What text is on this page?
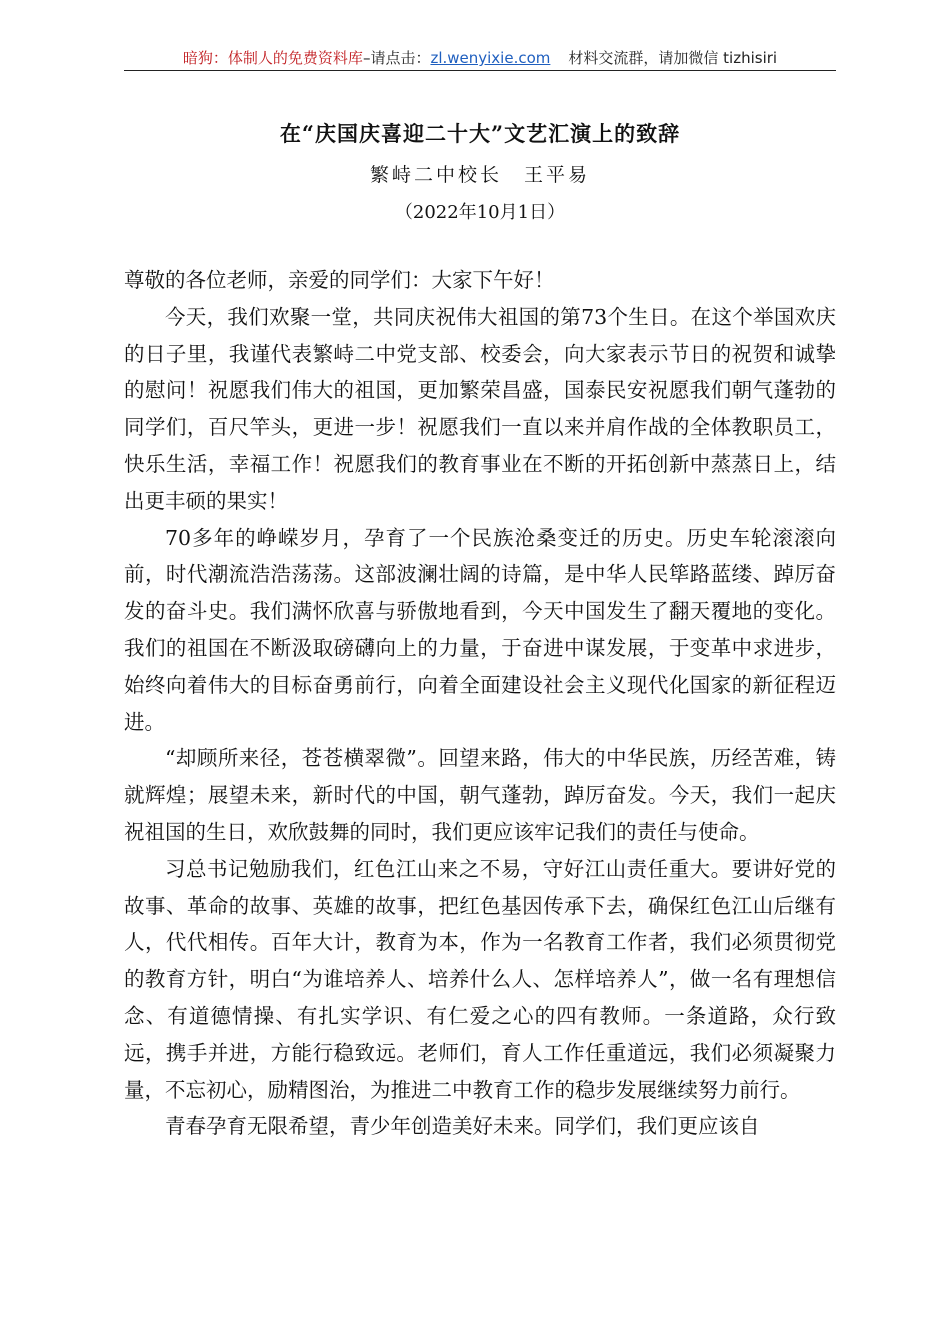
暗狗：体制人的免费资料库–请点击：zl.wenyixie.com 材料交流群，请加微信 tizhisiri
在“庆国庆喜迎二十大”文艺汇演上的致辞
繁峙二中校长　王平易
（2022年10月1日）

尊敬的各位老师，亲爱的同学们：大家下午好！

今天，我们欢聚一堂，共同庆祝伟大祖国的第73个生日。在这个举国欢庆的日子里，我谨代表繁峙二中党支部、校委会，向大家表示节日的祝贺和诚挚的慰问！祝愿我们伟大的祖国，更加繁荣昌盛，国泰民安祝愿我们朝气蓬勃的同学们，百尺竿头，更进一步！祝愿我们一直以来并肩作战的全体教职员工，快乐生活，幸福工作！祝愿我们的教育事业在不断的开拓创新中蒸蒸日上，结出更丰硕的果实！

70多年的峥嵘岁月，孕育了一个民族沧桑变迁的历史。历史车轮滚滚向前，时代潮流浩浩荡荡。这部波澜壮阔的诗篇，是中华人民筚路蓝缕、踔厉奋发的奋斗史。我们满怀欣喜与骄傲地看到，今天中国发生了翻天覆地的变化。我们的祖国在不断汲取磅礴向上的力量，于奋进中谋发展，于变革中求进步，始终向着伟大的目标奋勇前行，向着全面建设社会主义现代化国家的新征程迈进。

“却顾所来径，苍苍横翠微”。回望来路，伟大的中华民族，历经苦难，铸就辉煌；展望未来，新时代的中国，朝气蓬勃，踔厉奋发。今天，我们一起庆祝祖国的生日，欢欣鼓舞的同时，我们更应该牢记我们的责任与使命。

习总书记勉励我们，红色江山来之不易，守好江山责任重大。要讲好党的故事、革命的故事、英雄的故事，把红色基因传承下去，确保红色江山后继有人，代代相传。百年大计，教育为本，作为一名教育工作者，我们必须贯彻党的教育方针，明白“为谁培养人、培养什么人、怎样培养人”，做一名有理想信念、有道德情操、有扎实学识、有仁爱之心的四有教师。一条道路，众行致远，携手并进，方能行稳致远。老师们，育人工作任重道远，我们必须凝聚力量，不忘初心，励精图治，为推进二中教育工作的稳步发展继续努力前行。

青春孕育无限希望，青少年创造美好未来。同学们，我们更应该自
